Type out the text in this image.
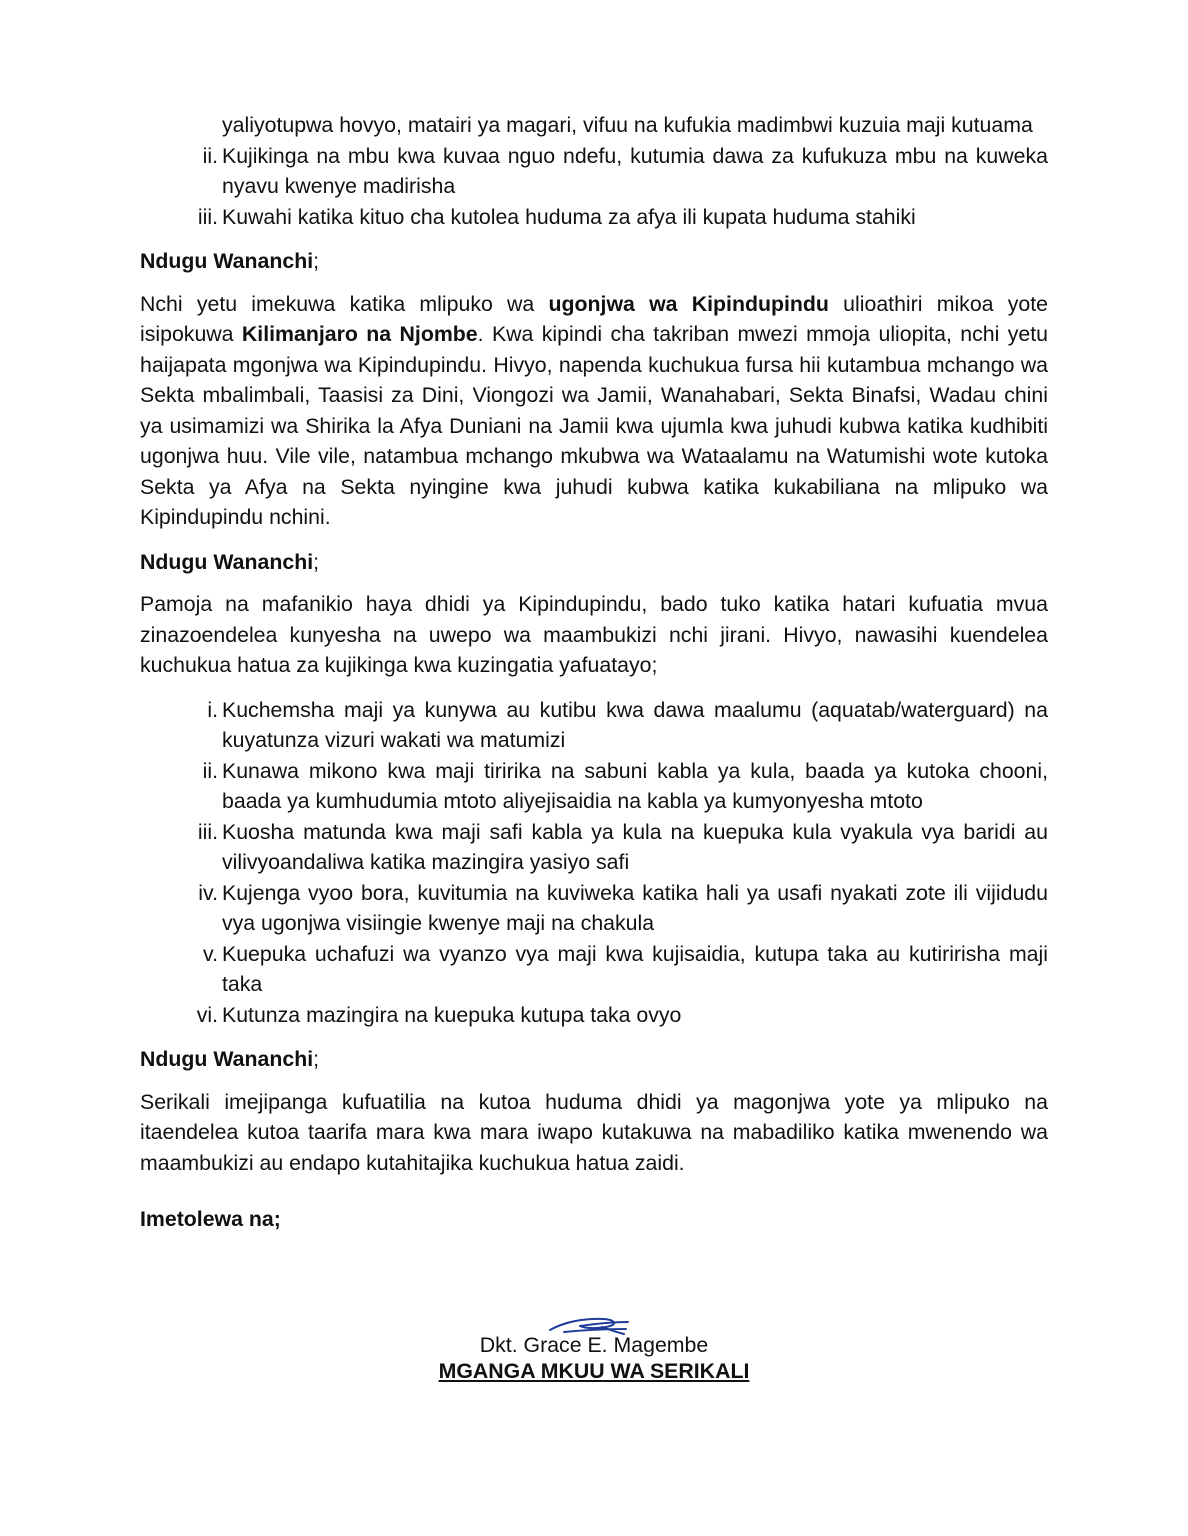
yaliyotupwa hovyo, matairi ya magari, vifuu na kufukia madimbwi kuzuia maji kutuama
ii. Kujikinga na mbu kwa kuvaa nguo ndefu, kutumia dawa za kufukuza mbu na kuweka nyavu kwenye madirisha
iii. Kuwahi katika kituo cha kutolea huduma za afya ili kupata huduma stahiki

Ndugu Wananchi;

Nchi yetu imekuwa katika mlipuko wa ugonjwa wa Kipindupindu ulioathiri mikoa yote isipokuwa Kilimanjaro na Njombe. Kwa kipindi cha takriban mwezi mmoja uliopita, nchi yetu haijapata mgonjwa wa Kipindupindu. Hivyo, napenda kuchukua fursa hii kutambua mchango wa Sekta mbalimbali, Taasisi za Dini, Viongozi wa Jamii, Wanahabari, Sekta Binafsi, Wadau chini ya usimamizi wa Shirika la Afya Duniani na Jamii kwa ujumla kwa juhudi kubwa katika kudhibiti ugonjwa huu. Vile vile, natambua mchango mkubwa wa Wataalamu na Watumishi wote kutoka Sekta ya Afya na Sekta nyingine kwa juhudi kubwa katika kukabiliana na mlipuko wa Kipindupindu nchini.

Ndugu Wananchi;

Pamoja na mafanikio haya dhidi ya Kipindupindu, bado tuko katika hatari kufuatia mvua zinazoendelea kunyesha na uwepo wa maambukizi nchi jirani. Hivyo, nawasihi kuendelea kuchukua hatua za kujikinga kwa kuzingatia yafuatayo;

i. Kuchemsha maji ya kunywa au kutibu kwa dawa maalumu (aquatab/waterguard) na kuyatunza vizuri wakati wa matumizi
ii. Kunawa mikono kwa maji tiririka na sabuni kabla ya kula, baada ya kutoka chooni, baada ya kumhudumia mtoto aliyejisaidia na kabla ya kumyonyesha mtoto
iii. Kuosha matunda kwa maji safi kabla ya kula na kuepuka kula vyakula vya baridi au vilivyoandaliwa katika mazingira yasiyo safi
iv. Kujenga vyoo bora, kuvitumia na kuviweka katika hali ya usafi nyakati zote ili vijidudu vya ugonjwa visiingie kwenye maji na chakula
v. Kuepuka uchafuzi wa vyanzo vya maji kwa kujisaidia, kutupa taka au kutiririsha maji taka
vi. Kutunza mazingira na kuepuka kutupa taka ovyo

Ndugu Wananchi;

Serikali imejipanga kufuatilia na kutoa huduma dhidi ya magonjwa yote ya mlipuko na itaendelea kutoa taarifa mara kwa mara iwapo kutakuwa na mabadiliko katika mwenendo wa maambukizi au endapo kutahitajika kuchukua hatua zaidi.

Imetolewa na;

Dkt. Grace E. Magembe
MGANGA MKUU WA SERIKALI
